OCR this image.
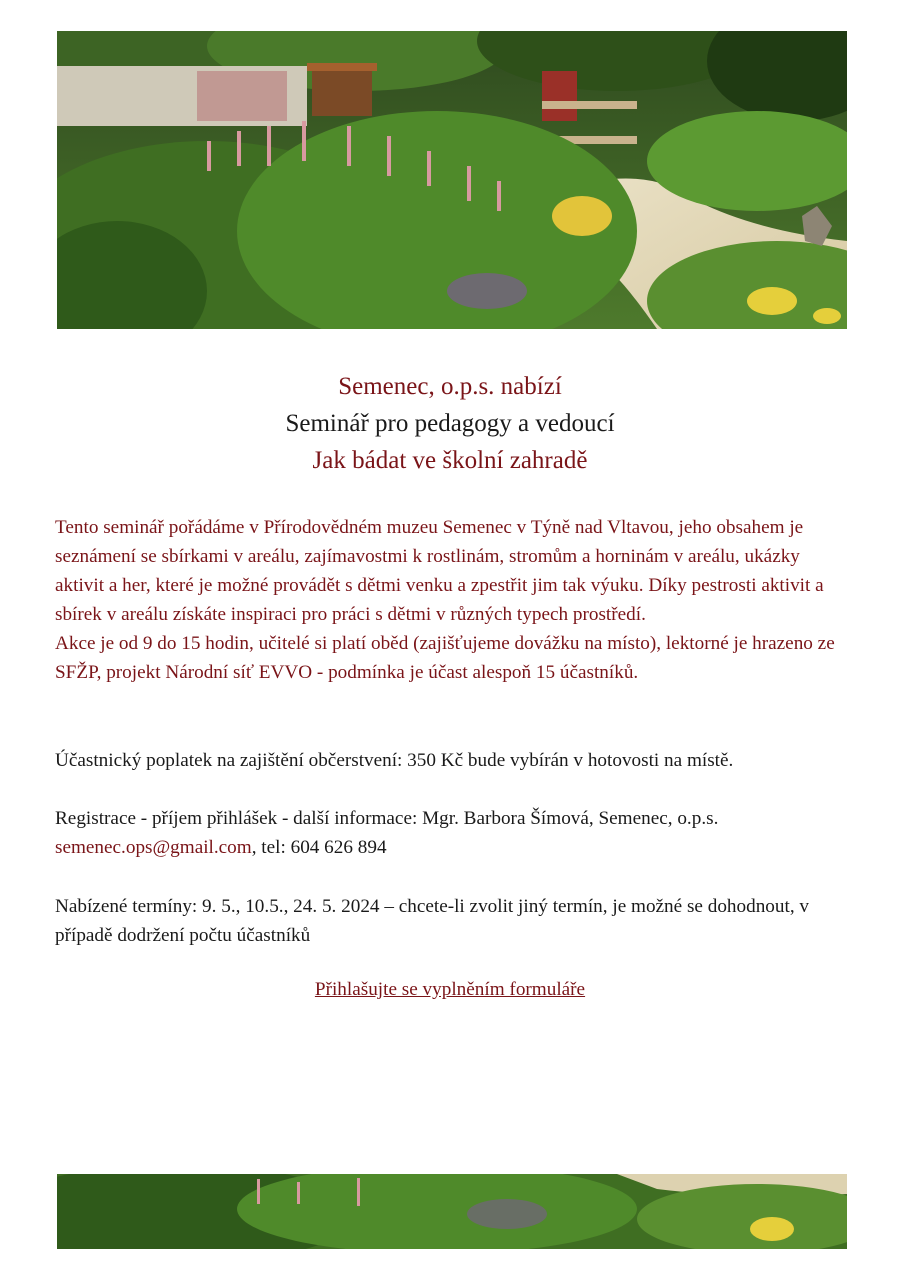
Semenec, o.p.s. nabízí
Seminář pro pedagogy a vedoucí
Jak bádat ve školní zahradě
Tento seminář pořádáme v Přírodovědném muzeu Semenec v Týně nad Vltavou, jeho obsahem je seznámení se sbírkami v areálu, zajímavostmi k rostlinám, stromům a horninám v areálu, ukázky aktivit a her, které je možné provádět s dětmi venku a zpestřit jim tak výuku. Díky pestrosti aktivit a sbírek v areálu získáte inspiraci pro práci s dětmi v různých typech prostředí.
Akce je od 9 do 15 hodin, učitelé si platí oběd (zajišťujeme dovážku na místo), lektorné je hrazeno ze SFŽP, projekt Národní síť EVVO - podmínka je účast alespoň 15 účastníků.
Účastnický poplatek na zajištění občerstvení: 350 Kč bude vybírán v hotovosti na místě.
Registrace - příjem přihlášek - další informace: Mgr. Barbora Šímová, Semenec, o.p.s.
semenec.ops@gmail.com, tel: 604 626 894
Nabízené termíny: 9. 5., 10.5., 24. 5. 2024 – chcete-li zvolit jiný termín, je možné se dohodnout, v případě dodržení počtu účastníků
Přihlašujte se vyplněním formuláře
